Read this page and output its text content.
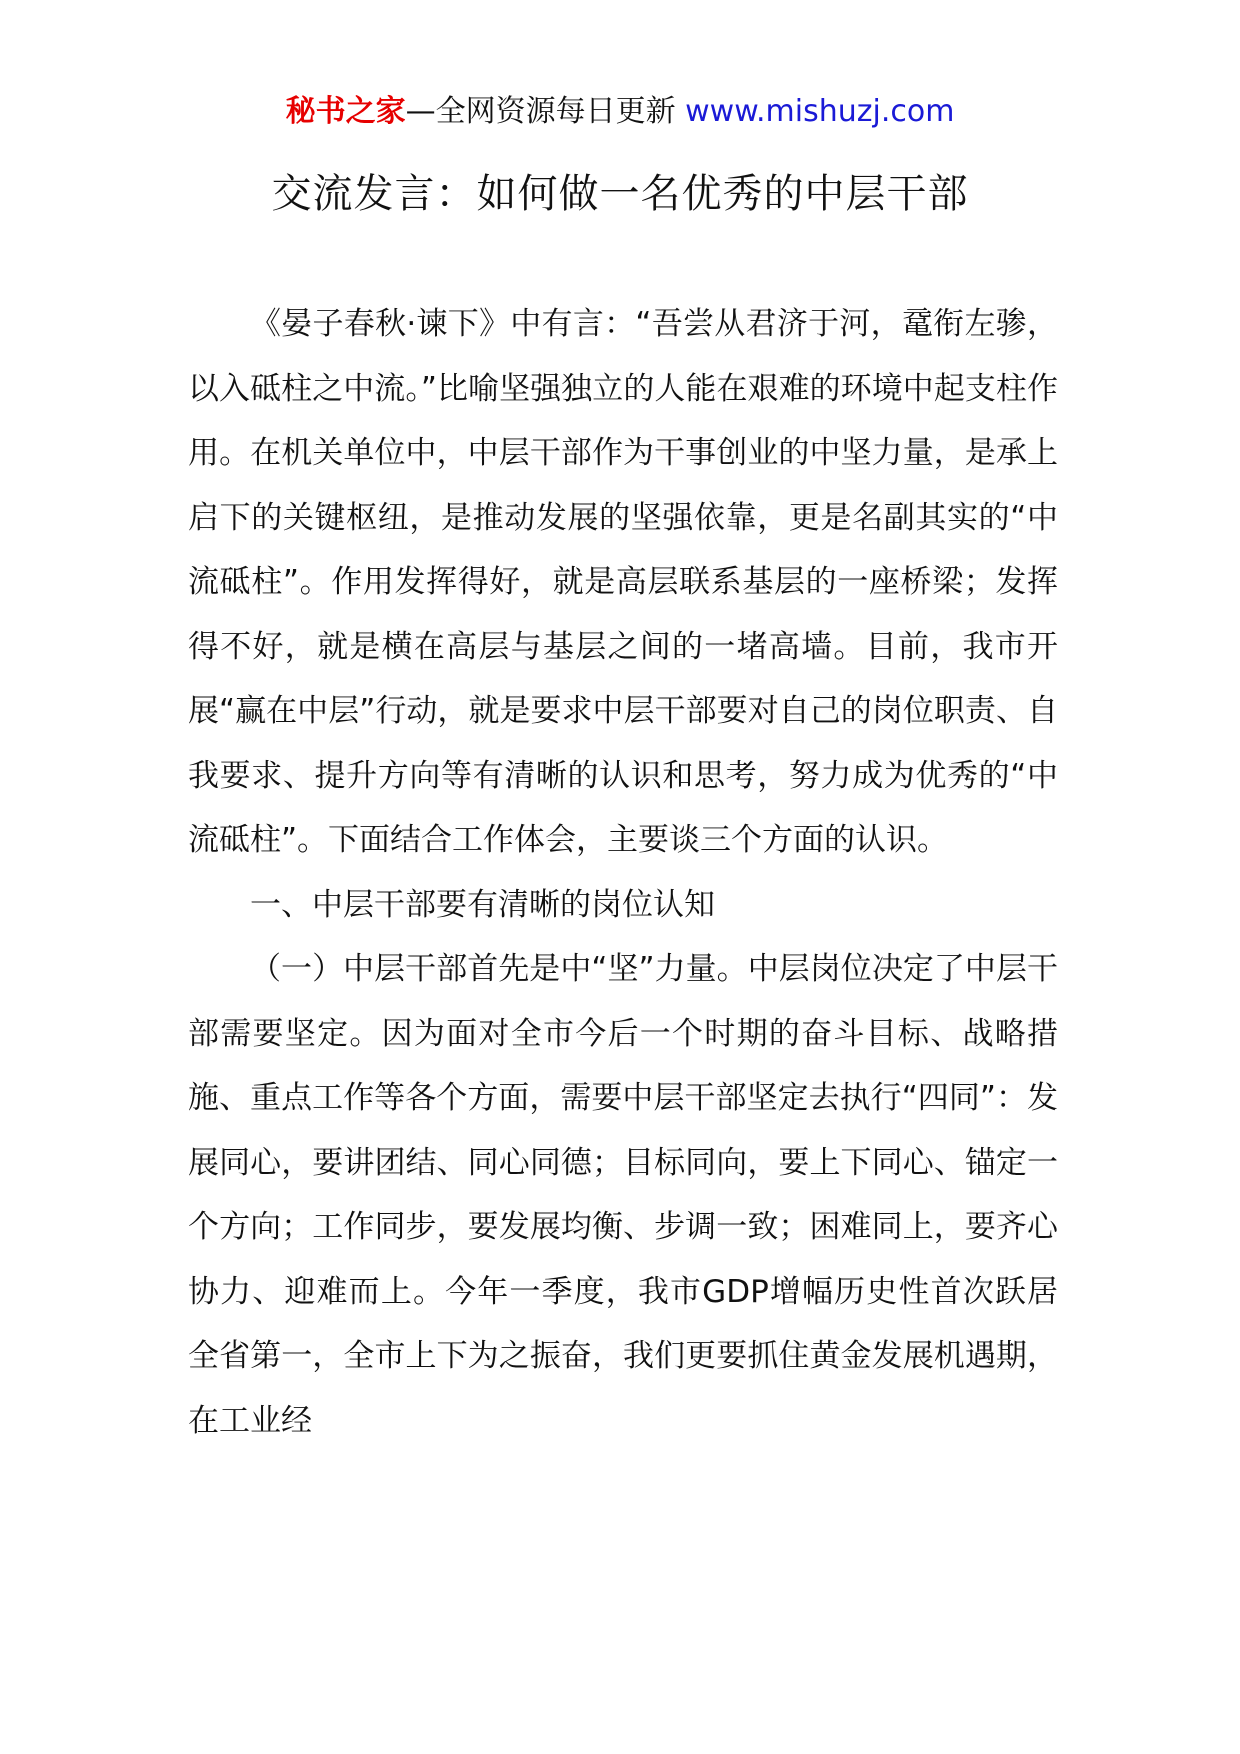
秘书之家—全网资源每日更新 www.mishuzj.com
交流发言：如何做一名优秀的中层干部

《晏子春秋·谏下》中有言：“吾尝从君济于河，鼋衔左骖，以入砥柱之中流。”比喻坚强独立的人能在艰难的环境中起支柱作用。在机关单位中，中层干部作为干事创业的中坚力量，是承上启下的关键枢纽，是推动发展的坚强依靠，更是名副其实的“中流砥柱”。作用发挥得好，就是高层联系基层的一座桥梁；发挥得不好，就是横在高层与基层之间的一堵高墙。目前，我市开展“赢在中层”行动，就是要求中层干部要对自己的岗位职责、自我要求、提升方向等有清晰的认识和思考，努力成为优秀的“中流砥柱”。下面结合工作体会，主要谈三个方面的认识。

一、中层干部要有清晰的岗位认知

（一）中层干部首先是中“坚”力量。中层岗位决定了中层干部需要坚定。因为面对全市今后一个时期的奋斗目标、战略措施、重点工作等各个方面，需要中层干部坚定去执行“四同”：发展同心，要讲团结、同心同德；目标同向，要上下同心、锚定一个方向；工作同步，要发展均衡、步调一致；困难同上，要齐心协力、迎难而上。今年一季度，我市GDP增幅历史性首次跃居全省第一，全市上下为之振奋，我们更要抓住黄金发展机遇期，在工业经
